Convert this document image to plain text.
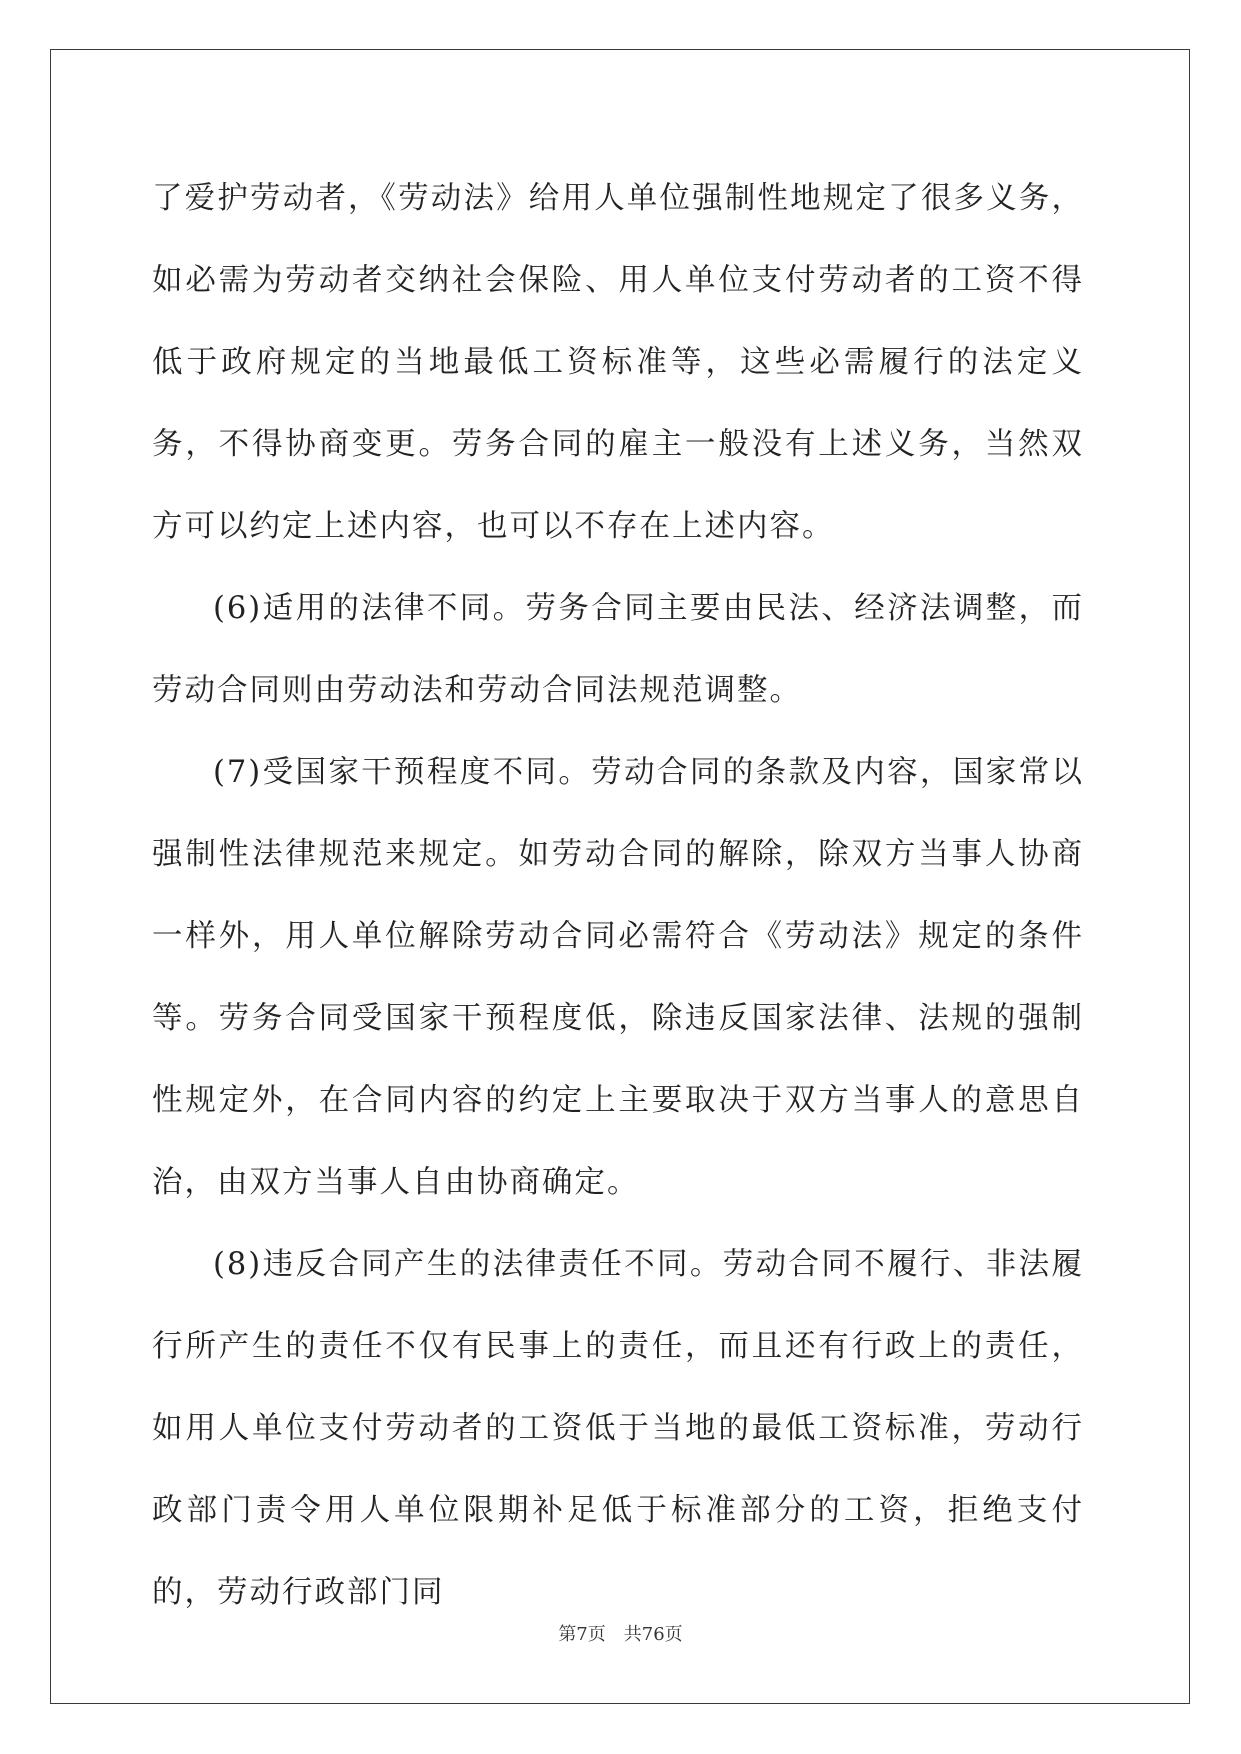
了爱护劳动者，《劳动法》给用人单位强制性地规定了很多义务，如必需为劳动者交纳社会保险、用人单位支付劳动者的工资不得低于政府规定的当地最低工资标准等，这些必需履行的法定义务，不得协商变更。劳务合同的雇主一般没有上述义务，当然双方可以约定上述内容，也可以不存在上述内容。

(6)适用的法律不同。劳务合同主要由民法、经济法调整，而劳动合同则由劳动法和劳动合同法规范调整。

(7)受国家干预程度不同。劳动合同的条款及内容，国家常以强制性法律规范来规定。如劳动合同的解除，除双方当事人协商一样外，用人单位解除劳动合同必需符合《劳动法》规定的条件等。劳务合同受国家干预程度低，除违反国家法律、法规的强制性规定外，在合同内容的约定上主要取决于双方当事人的意思自治，由双方当事人自由协商确定。

(8)违反合同产生的法律责任不同。劳动合同不履行、非法履行所产生的责任不仅有民事上的责任，而且还有行政上的责任，如用人单位支付劳动者的工资低于当地的最低工资标准，劳动行政部门责令用人单位限期补足低于标准部分的工资，拒绝支付的，劳动行政部门同

第7页 共76页
